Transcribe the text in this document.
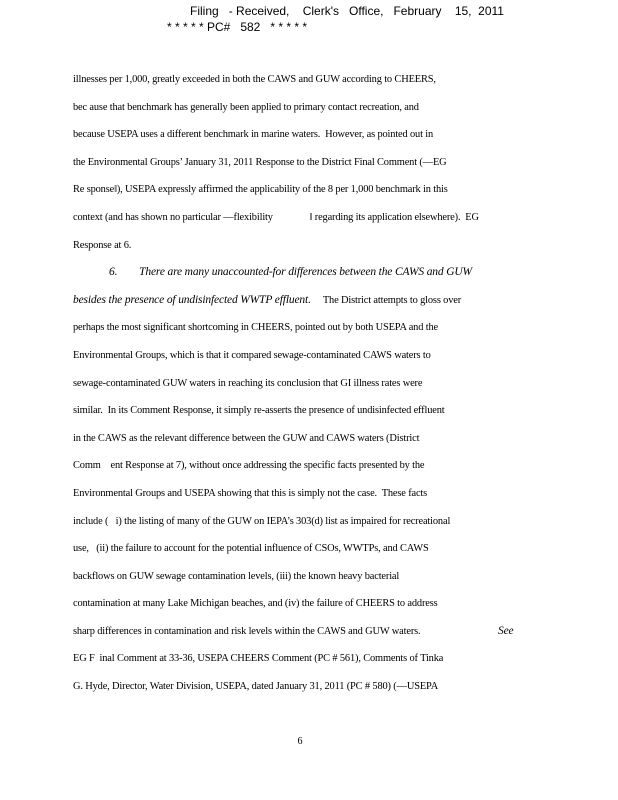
Filing   - Received,    Clerk's   Office,   February    15,  2011
* * * * * PC#   582   * * * * *
illnesses per 1,000, greatly exceeded in both the CAWS and GUW according to CHEERS,
bec ause that benchmark has generally been applied to primary contact recreation, and
because USEPA uses a different benchmark in marine waters.  However, as pointed out in
the Environmental Groups’ January 31, 2011 Response to the District Final Comment (―EG
Re sponse‖), USEPA expressly affirmed the applicability of the 8 per 1,000 benchmark in this
context (and has shown no particular ―flexibility               ‖ regarding its application elsewhere).  EG
Response at 6.
6.        There are many unaccounted-for differences between the CAWS and GUW
besides the presence of undisinfected WWTP effluent.     The District attempts to gloss over
perhaps the most significant shortcoming in CHEERS, pointed out by both USEPA and the
Environmental Groups, which is that it compared sewage-contaminated CAWS waters to
sewage-contaminated GUW waters in reaching its conclusion that GI illness rates were
similar.  In its Comment Response, it simply re-asserts the presence of undisinfected effluent
in the CAWS as the relevant difference between the GUW and CAWS waters (District
Comm    ent Response at 7), without once addressing the specific facts presented by the
Environmental Groups and USEPA showing that this is simply not the case.  These facts
include (   i) the listing of many of the GUW on IEPA’s 303(d) list as impaired for recreational
use,   (ii) the failure to account for the potential influence of CSOs, WWTPs, and CAWS
backflows on GUW sewage contamination levels, (iii) the known heavy bacterial
contamination at many Lake Michigan beaches, and (iv) the failure of CHEERS to address
sharp differences in contamination and risk levels within the CAWS and GUW waters.	See
EG F  inal Comment at 33-36, USEPA CHEERS Comment (PC # 561), Comments of Tinka
G. Hyde, Director, Water Division, USEPA, dated January 31, 2011 (PC # 580) (―USEPA
6
